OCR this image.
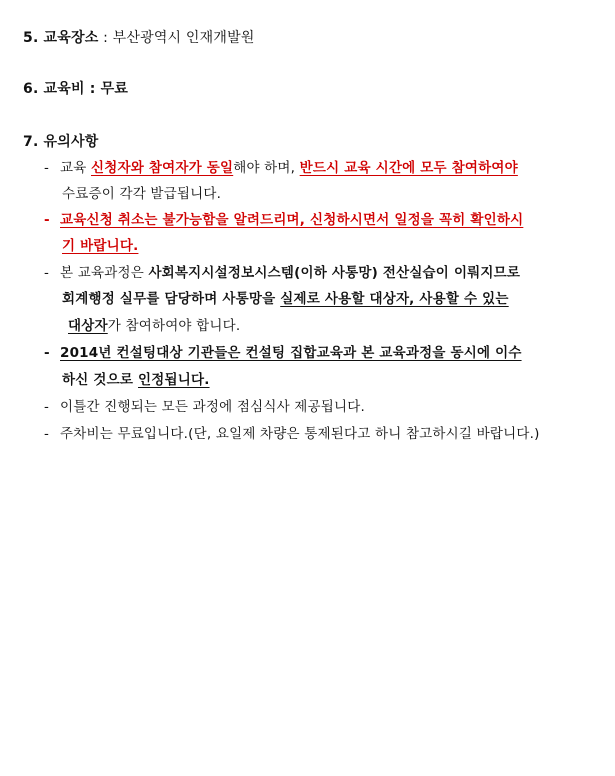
5. 교육장소 : 부산광역시 인재개발원
6. 교육비 : 무료
7. 유의사항
- 교육 신청자와 참여자가 동일해야 하며, 반드시 교육 시간에 모두 참여하여야
수료증이 각각 발급됩니다.
- 교육신청 취소는 불가능함을 알려드리며, 신청하시면서 일정을 꼭히 확인하시
기 바랍니다.
- 본 교육과정은 사회복지시설정보시스템(이하 사통망) 전산실습이 이뤄지므로
회계행정 실무를 담당하며 사통망을 실제로 사용할 대상자, 사용할 수 있는
대상자가 참여하여야 합니다.
- 2014년 컨설팅대상 기관들은 컨설팅 집합교육과 본 교육과정을 동시에 이수
하신 것으로 인정됩니다.
- 이틀간 진행되는 모든 과정에 점심식사 제공됩니다.
- 주차비는 무료입니다.(단, 요일제 차량은 통제된다고 하니 참고하시길 바랍니다.)
